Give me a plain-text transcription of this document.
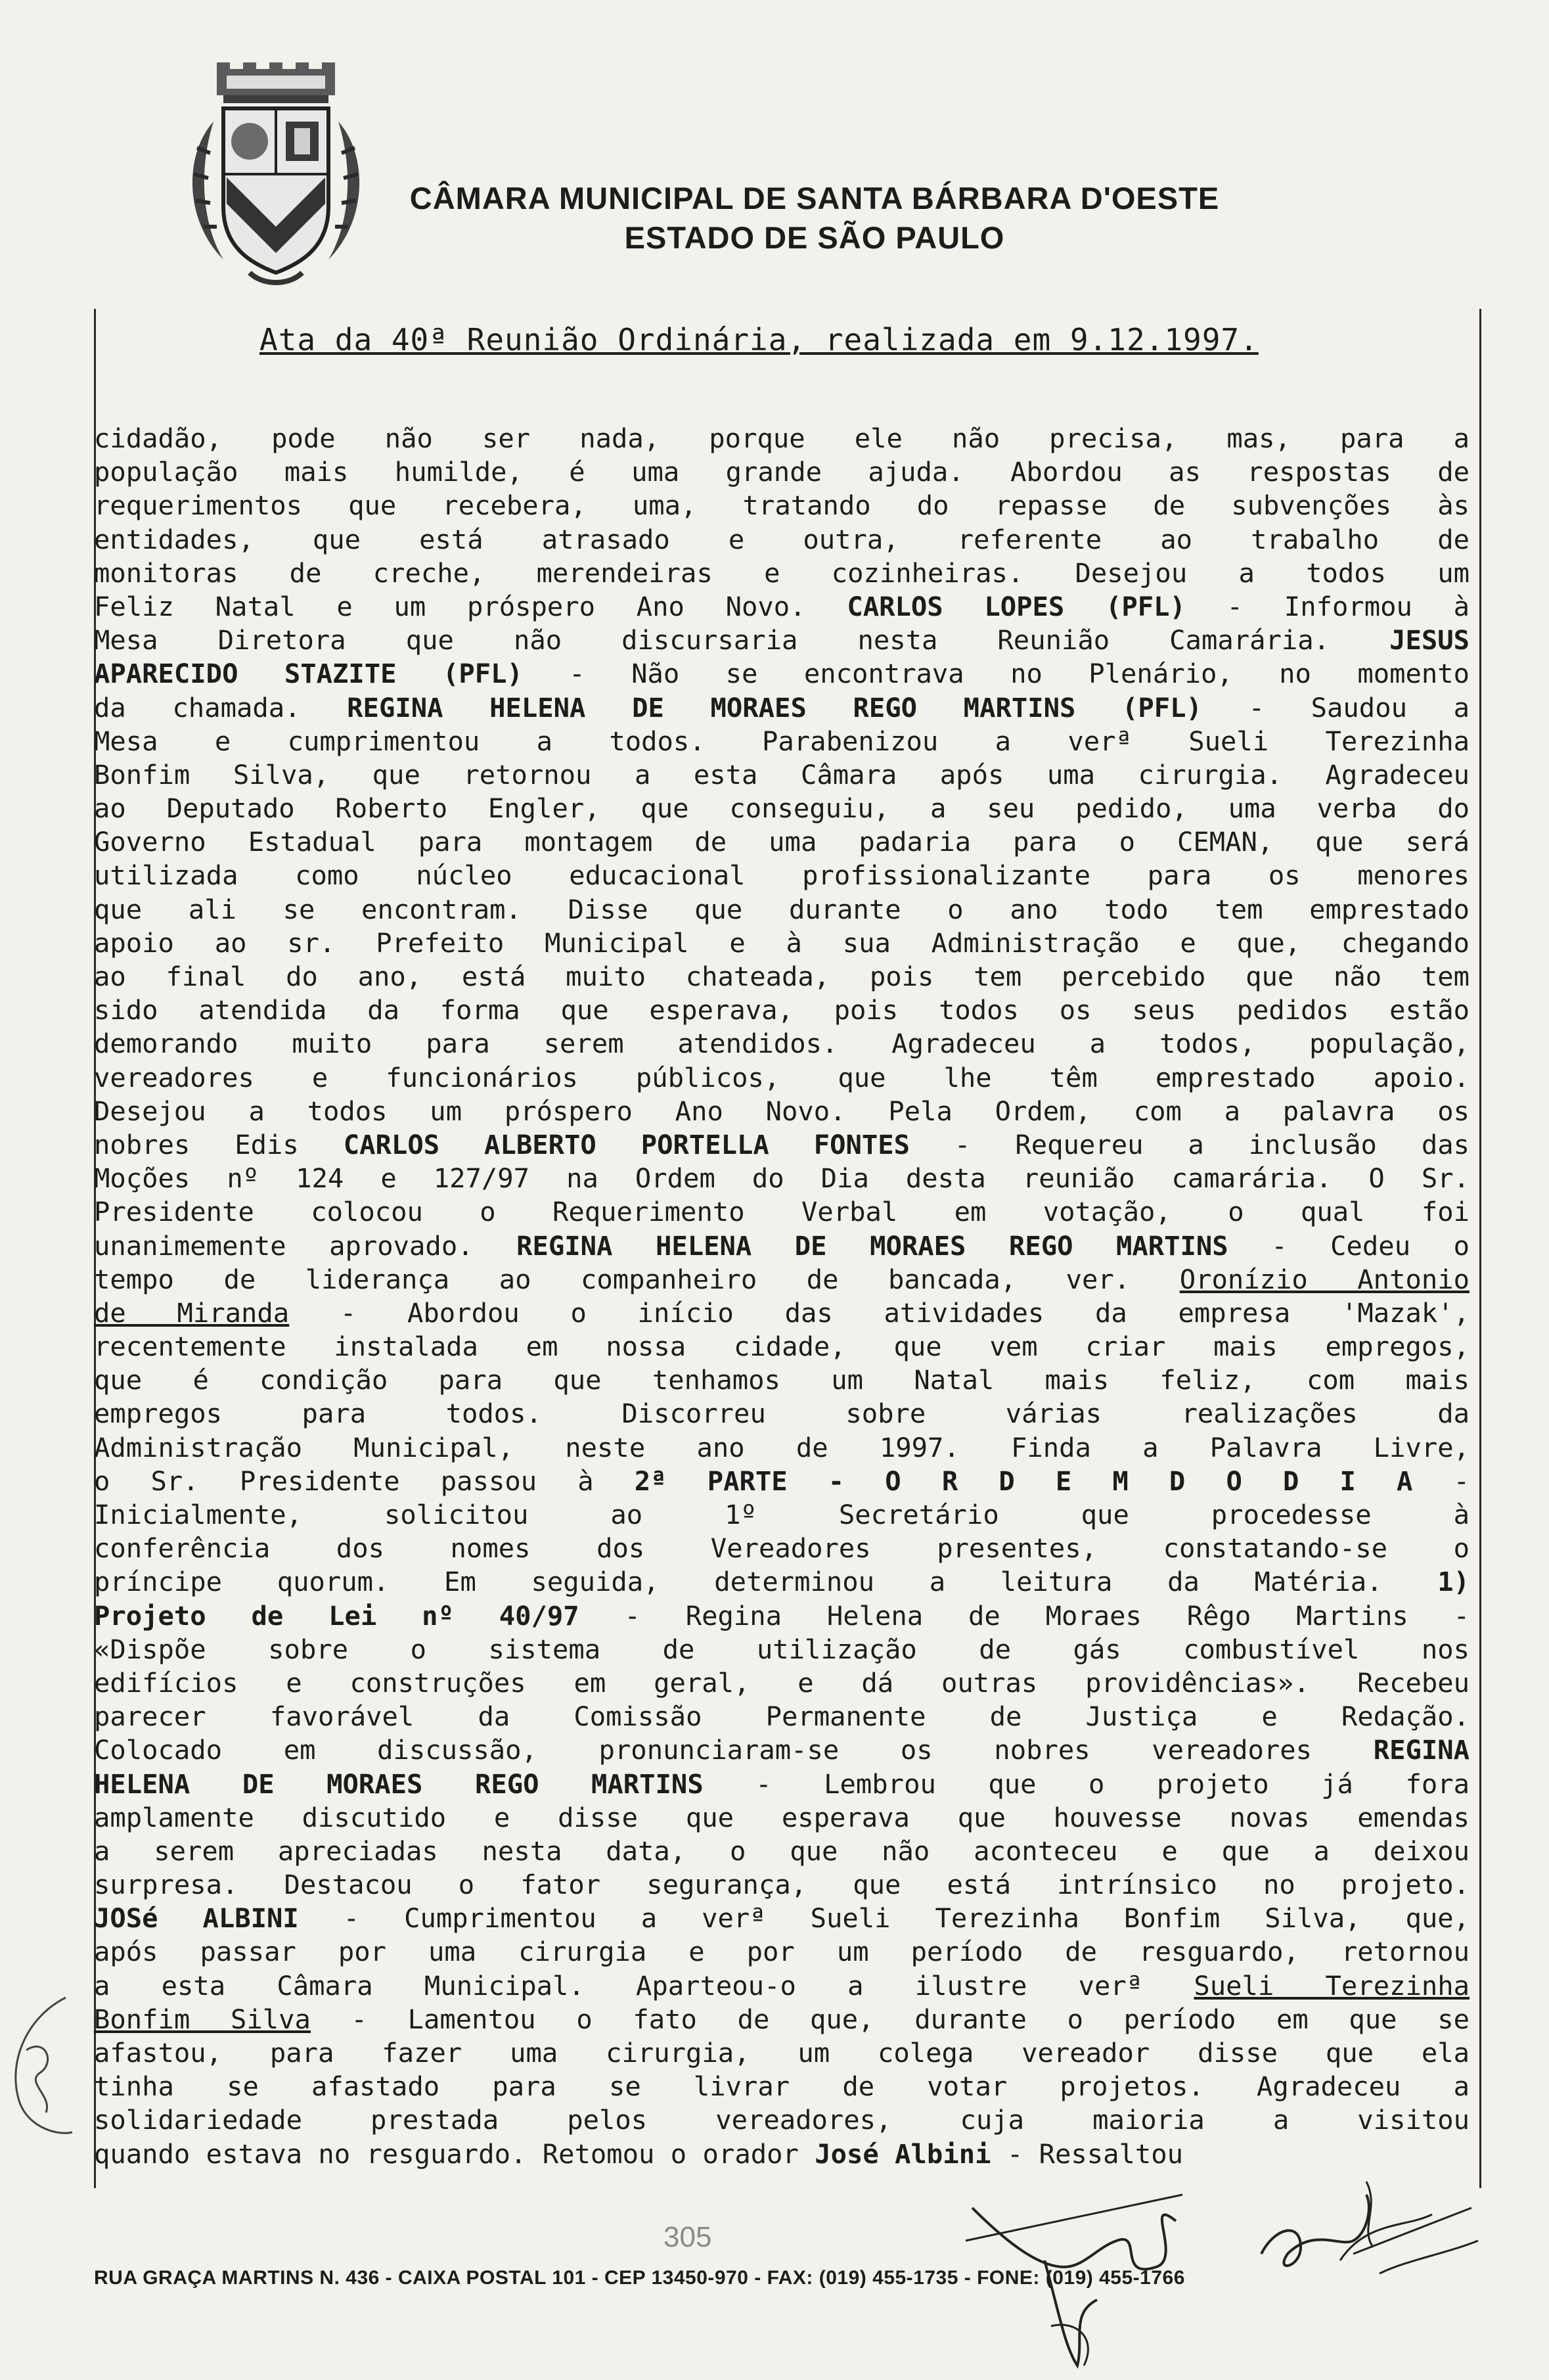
CÂMARA MUNICIPAL DE SANTA BÁRBARA D'OESTE
ESTADO DE SÃO PAULO
Ata da 40ª Reunião Ordinária, realizada em 9.12.1997.
cidadão, pode não ser nada, porque ele não precisa, mas, para a
população mais humilde, é uma grande ajuda. Abordou as respostas de
requerimentos que recebera, uma, tratando do repasse de subvenções às
entidades, que está atrasado e outra, referente ao trabalho de
monitoras de creche, merendeiras e cozinheiras. Desejou a todos um
Feliz Natal e um próspero Ano Novo. CARLOS LOPES (PFL) - Informou à
Mesa Diretora que não discursaria nesta Reunião Camarária. JESUS
APARECIDO STAZITE (PFL) - Não se encontrava no Plenário, no momento
da chamada. REGINA HELENA DE MORAES REGO MARTINS (PFL) - Saudou a
Mesa e cumprimentou a todos. Parabenizou a verª Sueli Terezinha
Bonfim Silva, que retornou a esta Câmara após uma cirurgia. Agradeceu
ao Deputado Roberto Engler, que conseguiu, a seu pedido, uma verba do
Governo Estadual para montagem de uma padaria para o CEMAN, que será
utilizada como núcleo educacional profissionalizante para os menores
que ali se encontram. Disse que durante o ano todo tem emprestado
apoio ao sr. Prefeito Municipal e à sua Administração e que, chegando
ao final do ano, está muito chateada, pois tem percebido que não tem
sido atendida da forma que esperava, pois todos os seus pedidos estão
demorando muito para serem atendidos. Agradeceu a todos, população,
vereadores e funcionários públicos, que lhe têm emprestado apoio.
Desejou a todos um próspero Ano Novo. Pela Ordem, com a palavra os
nobres Edis CARLOS ALBERTO PORTELLA FONTES - Requereu a inclusão das
Moções nº 124 e 127/97 na Ordem do Dia desta reunião camarária. O Sr.
Presidente colocou o Requerimento Verbal em votação, o qual foi
unanimemente aprovado. REGINA HELENA DE MORAES REGO MARTINS - Cedeu o
tempo de liderança ao companheiro de bancada, ver. Oronízio Antonio
de Miranda - Abordou o início das atividades da empresa 'Mazak',
recentemente instalada em nossa cidade, que vem criar mais empregos,
que é condição para que tenhamos um Natal mais feliz, com mais
empregos para todos. Discorreu sobre várias realizações da
Administração Municipal, neste ano de 1997. Finda a Palavra Livre,
o Sr. Presidente passou à 2ª PARTE - O R D E M D O D I A -
Inicialmente, solicitou ao 1º Secretário que procedesse à
conferência dos nomes dos Vereadores presentes, constatando-se o
príncipe quorum. Em seguida, determinou a leitura da Matéria. 1)
Projeto de Lei nº 40/97 - Regina Helena de Moraes Rêgo Martins -
«Dispõe sobre o sistema de utilização de gás combustível nos
edifícios e construções em geral, e dá outras providências». Recebeu
parecer favorável da Comissão Permanente de Justiça e Redação.
Colocado em discussão, pronunciaram-se os nobres vereadores REGINA
HELENA DE MORAES REGO MARTINS - Lembrou que o projeto já fora
amplamente discutido e disse que esperava que houvesse novas emendas
a serem apreciadas nesta data, o que não aconteceu e que a deixou
surpresa. Destacou o fator segurança, que está intrínsico no projeto.
JOSé ALBINI - Cumprimentou a verª Sueli Terezinha Bonfim Silva, que,
após passar por uma cirurgia e por um período de resguardo, retornou
a esta Câmara Municipal. Aparteou-o a ilustre verª Sueli Terezinha
Bonfim Silva - Lamentou o fato de que, durante o período em que se
afastou, para fazer uma cirurgia, um colega vereador disse que ela
tinha se afastado para se livrar de votar projetos. Agradeceu a
solidariedade prestada pelos vereadores, cuja maioria a visitou
quando estava no resguardo. Retomou o orador José Albini - Ressaltou
305
RUA GRAÇA MARTINS N. 436 - CAIXA POSTAL 101 - CEP 13450-970 - FAX: (019) 455-1735 - FONE: (019) 455-1766
